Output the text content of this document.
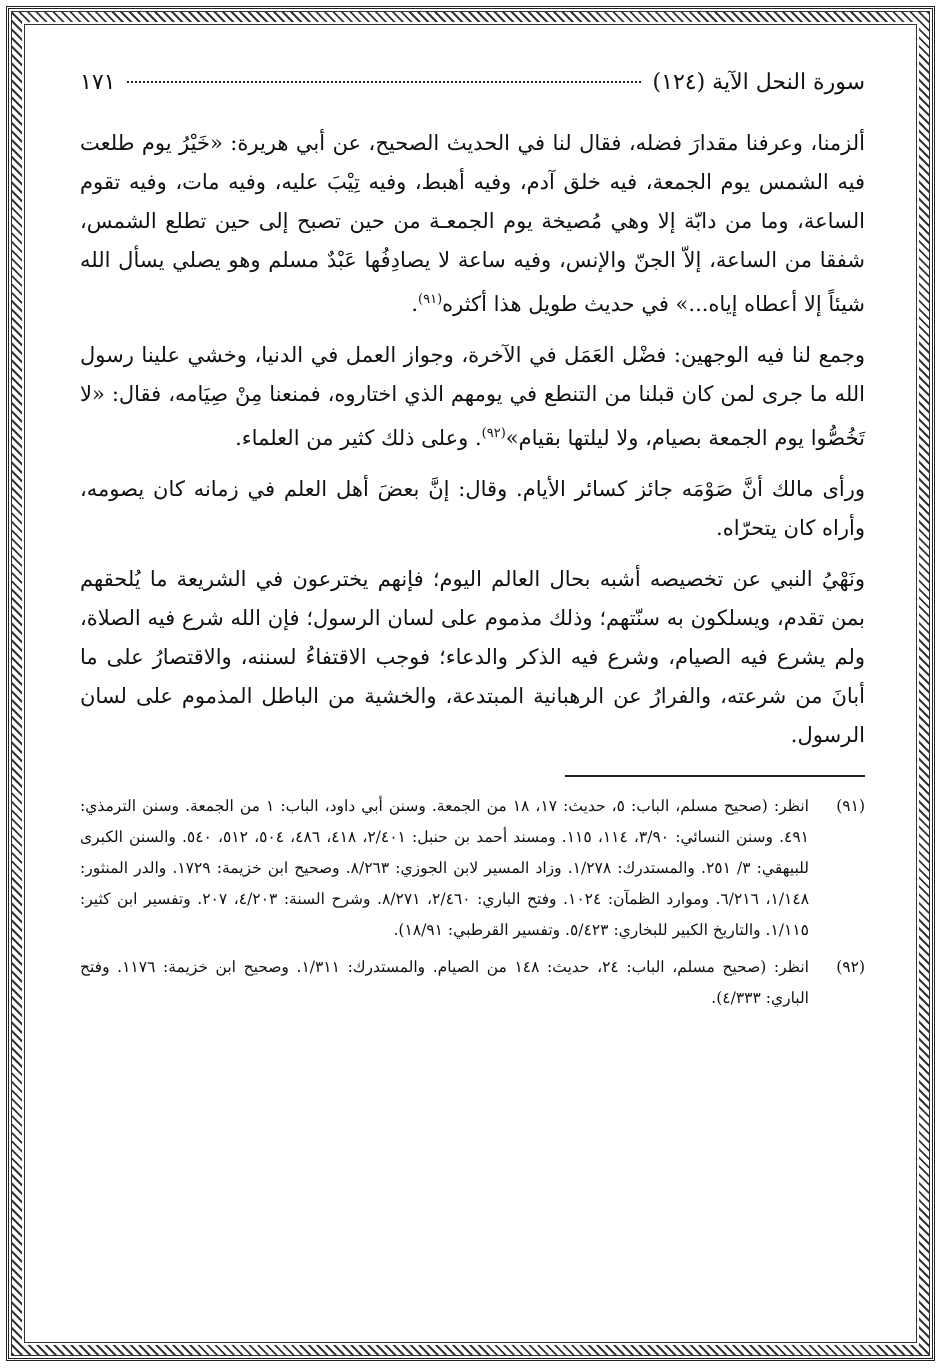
سورة النحل الآية (١٢٤)
١٧١

ألزمنا، وعرفنا مقدارَ فضله، فقال لنا في الحديث الصحيح، عن أبي هريرة: «خَيْرُ يوم طلعت فيه الشمس يوم الجمعة، فيه خلق آدم، وفيه أهبط، وفيه تِيْبَ عليه، وفيه مات، وفيه تقوم الساعة، وما من دابّة إلا وهي مُصيخة يوم الجمعـة من حين تصبح إلى حين تطلع الشمس، شفقا من الساعة، إلاّ الجنّ والإنس، وفيه ساعة لا يصادِفُها عَبْدٌ مسلم وهو يصلي يسأل الله شيئاً إلا أعطاه إياه...» في حديث طويل هذا أكثره$^{(٩١)}$.

وجمع لنا فيه الوجهين: فضْل العَمَل في الآخرة، وجواز العمل في الدنيا، وخشي علينا رسول الله ما جرى لمن كان قبلنا من التنطع في يومهم الذي اختاروه، فمنعنا مِنْ صِيَامه، فقال: «لا تَخُصُّوا يوم الجمعة بصيام، ولا ليلتها بقيام»$^{(٩٢)}$. وعلى ذلك كثير من العلماء.

ورأى مالك أنَّ صَوْمَه جائز كسائر الأيام. وقال: إنَّ بعضَ أهل العلم في زمانه كان يصومه، وأراه كان يتحرّاه.

ونَهْيُ النبي عن تخصيصه أشبه بحال العالم اليوم؛ فإنهم يخترعون في الشريعة ما يُلحقهم بمن تقدم، ويسلكون به سنّتهم؛ وذلك مذموم على لسان الرسول؛ فإن الله شرع فيه الصلاة، ولم يشرع فيه الصيام، وشرع فيه الذكر والدعاء؛ فوجب الاقتفاءُ لسننه، والاقتصارُ على ما أبانَ من شرعته، والفرارُ عن الرهبانية المبتدعة، والخشية من الباطل المذموم على لسان الرسول.

(٩١)
انظر: (صحيح مسلم، الباب: ٥، حديث: ١٧، ١٨ من الجمعة. وسنن أبي داود، الباب: ١ من الجمعة. وسنن الترمذي: ٤٩١. وسنن النسائي: ٣/٩٠، ١١٤، ١١٥. ومسند أحمد بن حنبل: ٢/٤٠١، ٤١٨، ٤٨٦، ٥٠٤، ٥١٢، ٥٤٠. والسنن الكبرى للبيهقي: ٣/ ٢٥١. والمستدرك: ١/٢٧٨. وزاد المسير لابن الجوزي: ٨/٢٦٣. وصحيح ابن خزيمة: ١٧٢٩. والدر المنثور: ١/١٤٨، ٦/٢١٦. وموارد الظمآن: ١٠٢٤. وفتح الباري: ٢/٤٦٠، ٨/٢٧١. وشرح السنة: ٤/٢٠٣، ٢٠٧. وتفسير ابن كثير: ١/١١٥. والتاريخ الكبير للبخاري: ٥/٤٢٣. وتفسير القرطبي: ١٨/٩١).
(٩٢)
انظر: (صحيح مسلم، الباب: ٢٤، حديث: ١٤٨ من الصيام. والمستدرك: ١/٣١١. وصحيح ابن خزيمة: ١١٧٦. وفتح الباري: ٤/٣٣٣).
